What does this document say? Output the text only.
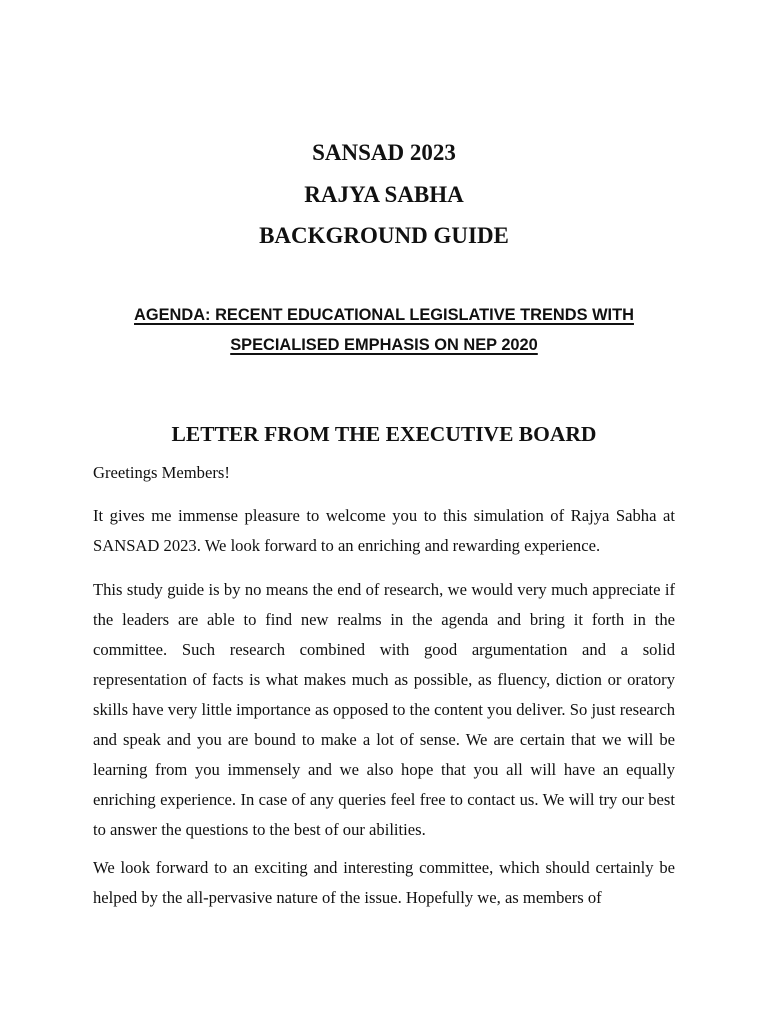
SANSAD 2023
RAJYA SABHA
BACKGROUND GUIDE
AGENDA: RECENT EDUCATIONAL LEGISLATIVE TRENDS WITH
SPECIALISED EMPHASIS ON NEP 2020
LETTER FROM THE EXECUTIVE BOARD

Greetings Members!

It gives me immense pleasure to welcome you to this simulation of Rajya Sabha at SANSAD 2023. We look forward to an enriching and rewarding experience.

This study guide is by no means the end of research, we would very much appreciate if the leaders are able to find new realms in the agenda and bring it forth in the committee. Such research combined with good argumentation and a solid representation of facts is what makes much as possible, as fluency, diction or oratory skills have very little importance as opposed to the content you deliver. So just research and speak and you are bound to make a lot of sense. We are certain that we will be learning from you immensely and we also hope that you all will have an equally enriching experience. In case of any queries feel free to contact us. We will try our best to answer the questions to the best of our abilities.

We look forward to an exciting and interesting committee, which should certainly be helped by the all-pervasive nature of the issue. Hopefully we, as members of
